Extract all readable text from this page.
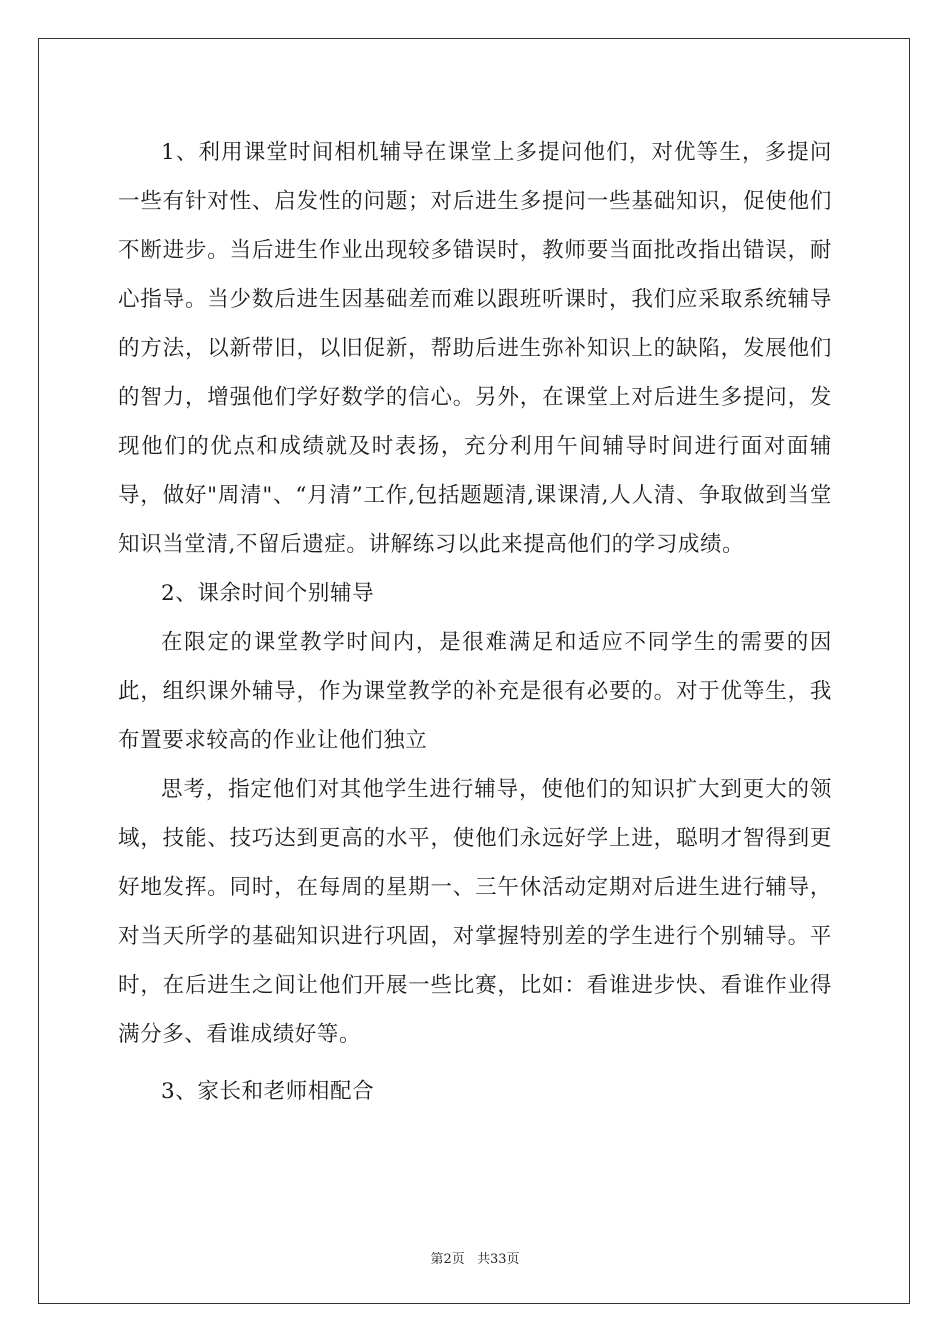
1、利用课堂时间相机辅导在课堂上多提问他们，对优等生，多提问一些有针对性、启发性的问题；对后进生多提问一些基础知识，促使他们不断进步。当后进生作业出现较多错误时，教师要当面批改指出错误，耐心指导。当少数后进生因基础差而难以跟班听课时，我们应采取系统辅导的方法，以新带旧，以旧促新，帮助后进生弥补知识上的缺陷，发展他们的智力，增强他们学好数学的信心。另外，在课堂上对后进生多提问，发现他们的优点和成绩就及时表扬，充分利用午间辅导时间进行面对面辅导，做好"周清"、“月清”工作,包括题题清,课课清,人人清、争取做到当堂知识当堂清,不留后遗症。讲解练习以此来提高他们的学习成绩。

2、课余时间个别辅导

在限定的课堂教学时间内，是很难满足和适应不同学生的需要的因此，组织课外辅导，作为课堂教学的补充是很有必要的。对于优等生，我布置要求较高的作业让他们独立

思考，指定他们对其他学生进行辅导，使他们的知识扩大到更大的领域，技能、技巧达到更高的水平，使他们永远好学上进，聪明才智得到更好地发挥。同时，在每周的星期一、三午休活动定期对后进生进行辅导，对当天所学的基础知识进行巩固，对掌握特别差的学生进行个别辅导。平时，在后进生之间让他们开展一些比赛，比如：看谁进步快、看谁作业得满分多、看谁成绩好等。

3、家长和老师相配合

第2页 共33页
